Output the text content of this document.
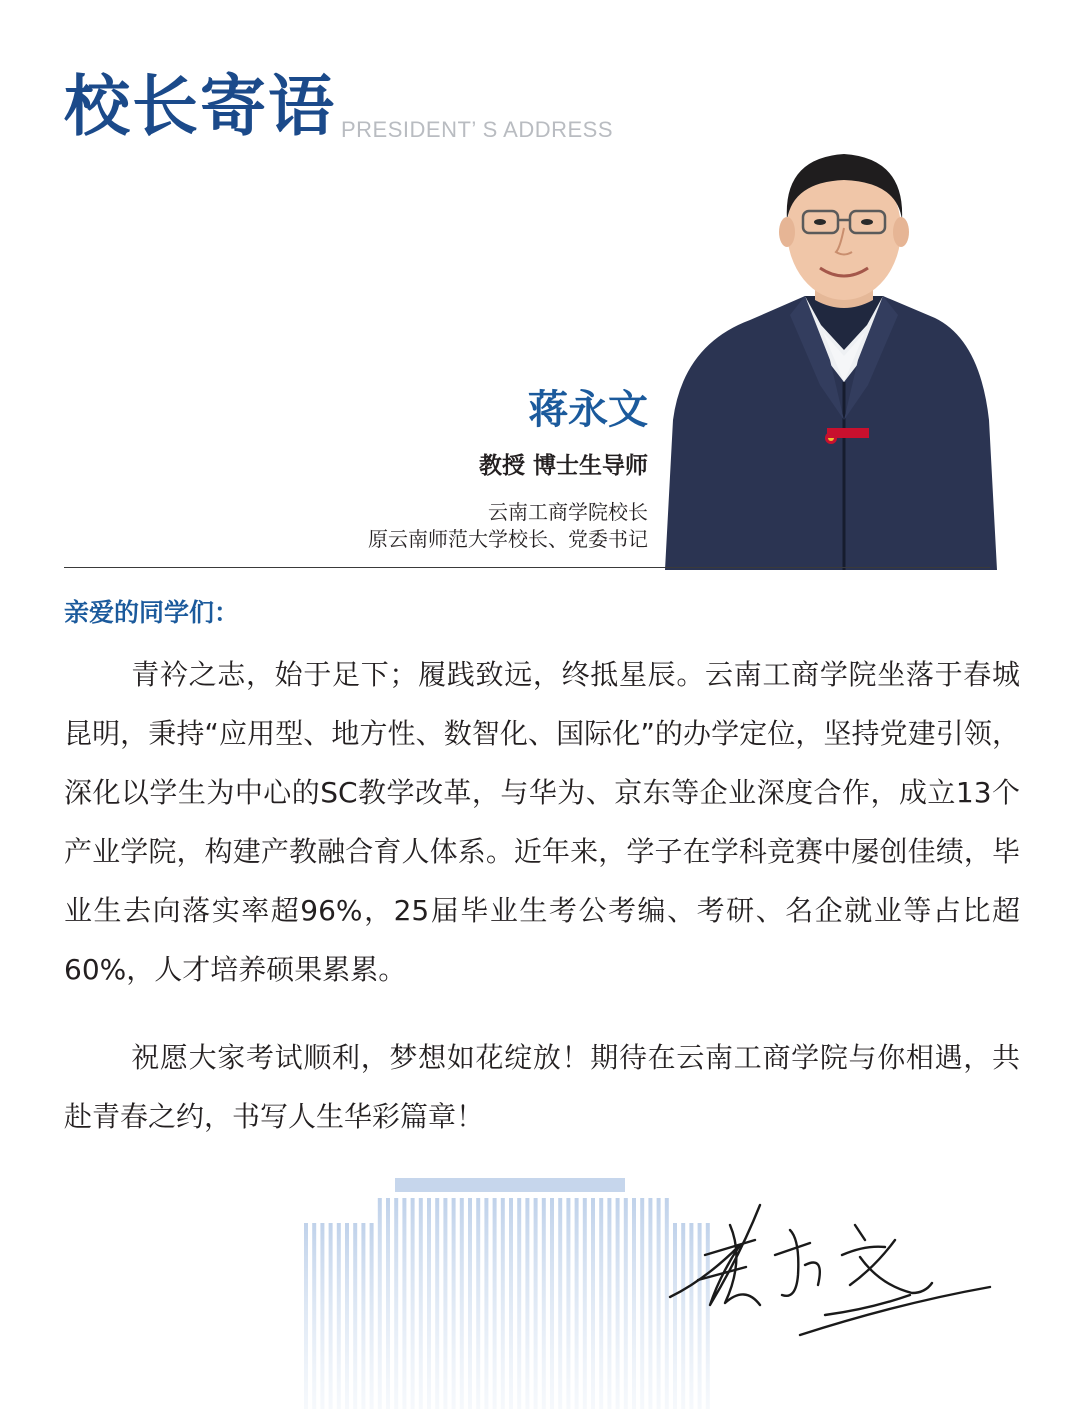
校长寄语 PRESIDENT’ S ADDRESS
蒋永文
教授 博士生导师
云南工商学院校长
原云南师范大学校长、党委书记
亲爱的同学们：

青衿之志，始于足下；履践致远，终抵星辰。云南工商学院坐落于春城昆明，秉持“应用型、地方性、数智化、国际化”的办学定位，坚持党建引领，深化以学生为中心的SC教学改革，与华为、京东等企业深度合作，成立13个产业学院，构建产教融合育人体系。近年来，学子在学科竞赛中屡创佳绩，毕业生去向落实率超96%，25届毕业生考公考编、考研、名企就业等占比超60%，人才培养硕果累累。

祝愿大家考试顺利，梦想如花绽放！期待在云南工商学院与你相遇，共赴青春之约，书写人生华彩篇章！
